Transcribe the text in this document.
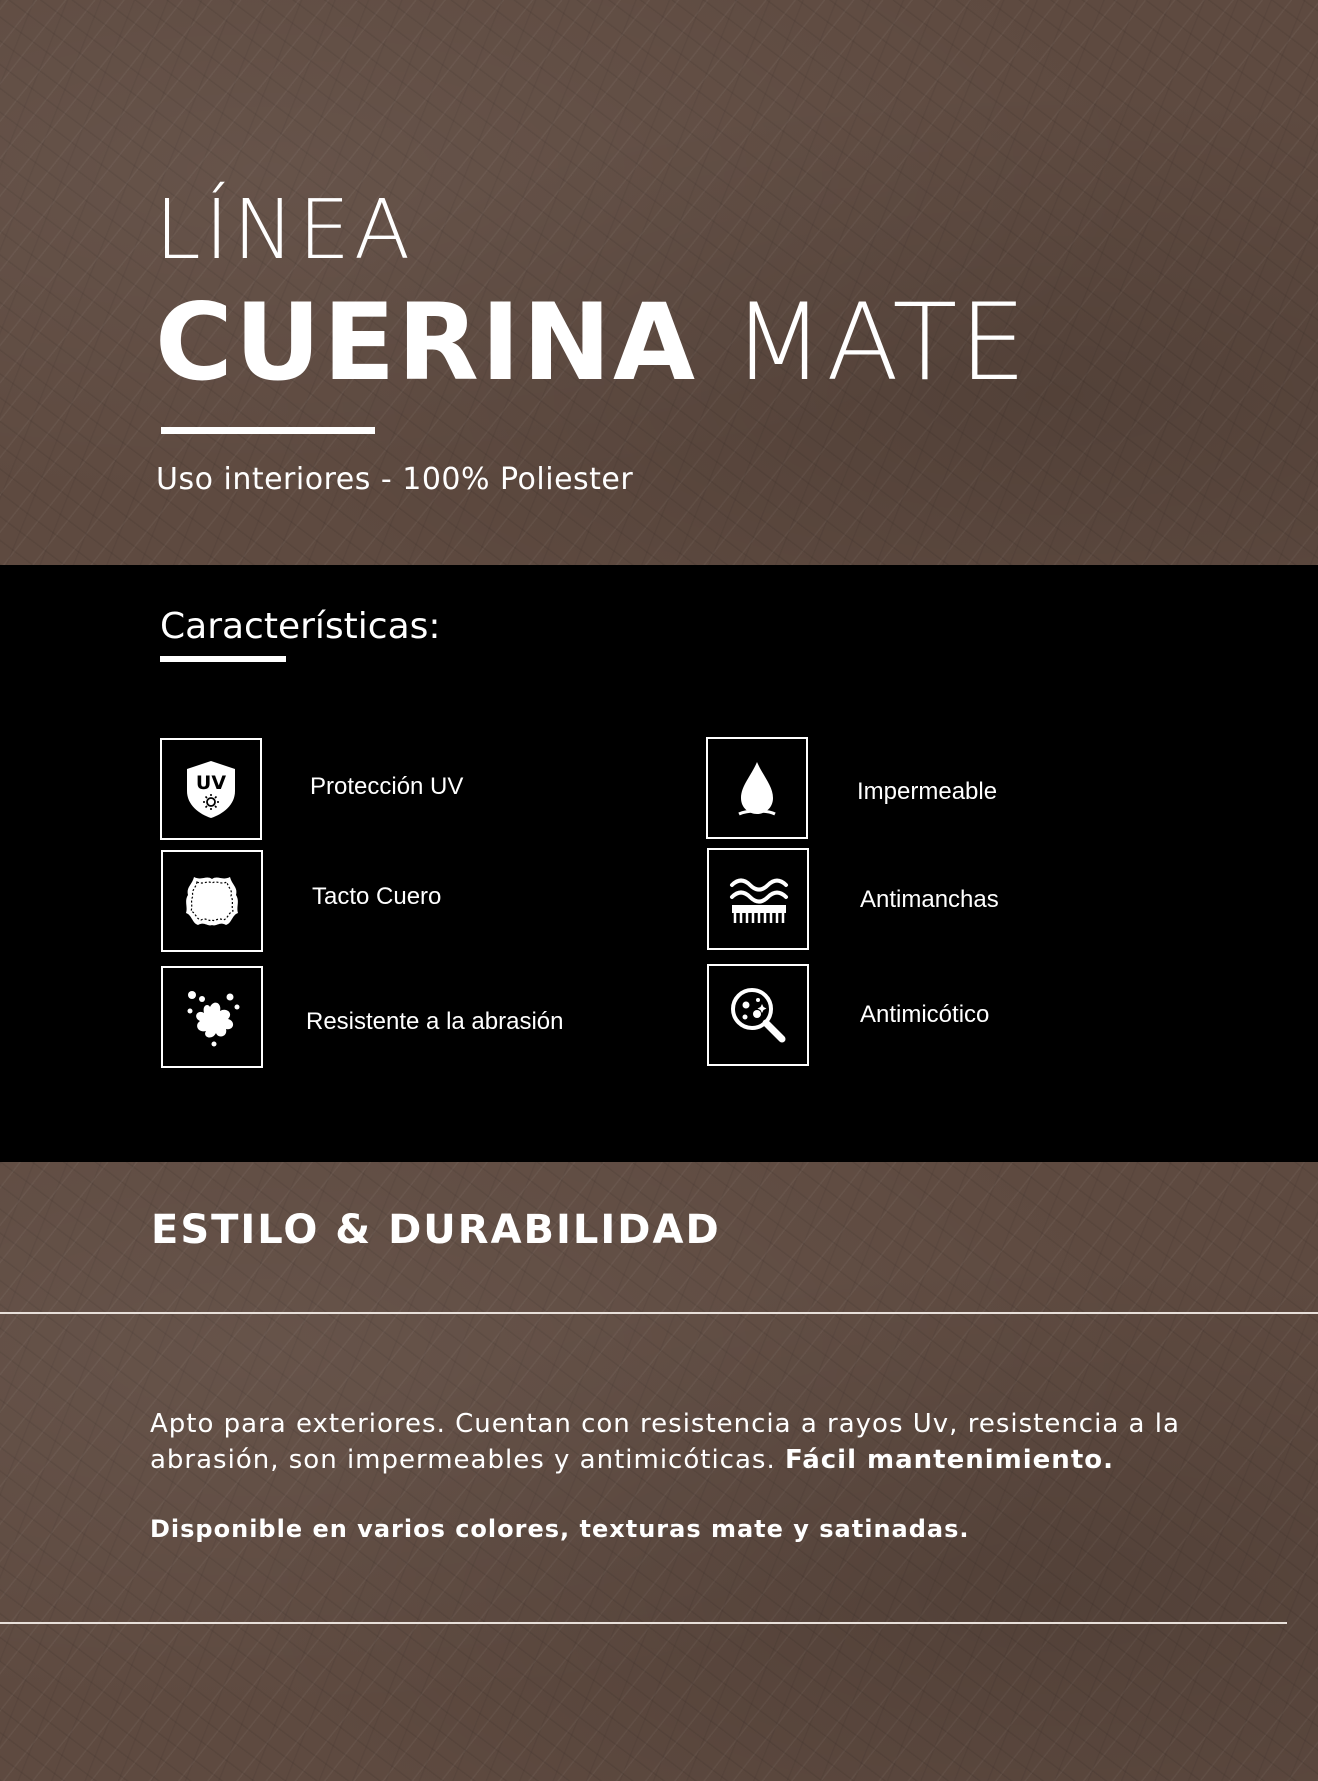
LÍNEA
CUERINA MATE
Uso interiores - 100% Poliester
Características:
UV	Protección UV
Tacto Cuero
Resistente a la abrasión
Impermeable
Antimanchas
Antimicótico
ESTILO & DURABILIDAD
Apto para exteriores. Cuentan con resistencia a rayos Uv, resistencia a la abrasión, son impermeables y antimicóticas. Fácil mantenimiento.
Disponible en varios colores, texturas mate y satinadas.
